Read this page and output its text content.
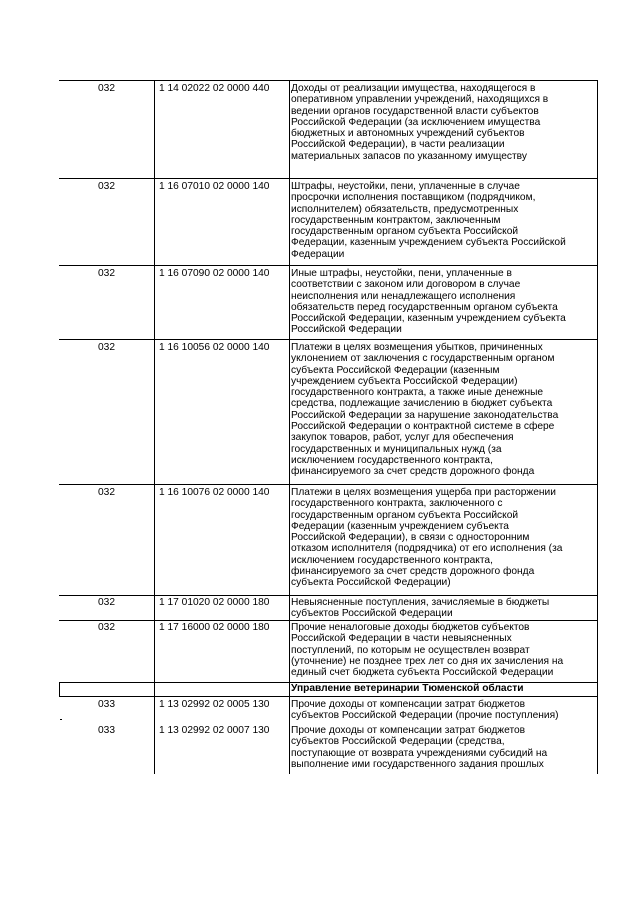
032	1 14 02022 02 0000 440	Доходы от реализации имущества, находящегося в
оперативном управлении учреждений, находящихся в
ведении органов государственной власти субъектов
Российской Федерации (за исключением имущества
бюджетных и автономных учреждений субъектов
Российской Федерации), в части реализации
материальных запасов по указанному имуществу
032	1 16 07010 02 0000 140	Штрафы, неустойки, пени, уплаченные в случае
просрочки исполнения поставщиком (подрядчиком,
исполнителем) обязательств, предусмотренных
государственным контрактом, заключенным
государственным органом субъекта Российской
Федерации, казенным учреждением субъекта Российской
Федерации
032	1 16 07090 02 0000 140	Иные штрафы, неустойки, пени, уплаченные в
соответствии с законом или договором в случае
неисполнения или ненадлежащего исполнения
обязательств перед государственным органом субъекта
Российской Федерации, казенным учреждением субъекта
Российской Федерации
032	1 16 10056 02 0000 140	Платежи в целях возмещения убытков, причиненных
уклонением от заключения с государственным органом
субъекта Российской Федерации (казенным
учреждением субъекта Российской Федерации)
государственного контракта, а также иные денежные
средства, подлежащие зачислению в бюджет субъекта
Российской Федерации за нарушение законодательства
Российской Федерации о контрактной системе в сфере
закупок товаров, работ, услуг для обеспечения
государственных и муниципальных нужд (за
исключением государственного контракта,
финансируемого за счет средств дорожного фонда
032	1 16 10076 02 0000 140	Платежи в целях возмещения ущерба при расторжении
государственного контракта, заключенного с
государственным органом субъекта Российской
Федерации (казенным учреждением субъекта
Российской Федерации), в связи с односторонним
отказом исполнителя (подрядчика) от его исполнения (за
исключением государственного контракта,
финансируемого за счет средств дорожного фонда
субъекта Российской Федерации)
032	1 17 01020 02 0000 180	Невыясненные поступления, зачисляемые в бюджеты
субъектов Российской Федерации
032	1 17 16000 02 0000 180	Прочие неналоговые доходы бюджетов субъектов
Российской Федерации в части невыясненных
поступлений, по которым не осуществлен возврат
(уточнение) не позднее трех лет со дня их зачисления на
единый счет бюджета субъекта Российской Федерации
Управление ветеринарии Тюменской области
033	1 13 02992 02 0005 130	Прочие доходы от компенсации затрат бюджетов
субъектов Российской Федерации (прочие поступления)
033	1 13 02992 02 0007 130	Прочие доходы от компенсации затрат бюджетов
субъектов Российской Федерации (средства,
поступающие от возврата учреждениями субсидий на
выполнение ими государственного задания прошлых
